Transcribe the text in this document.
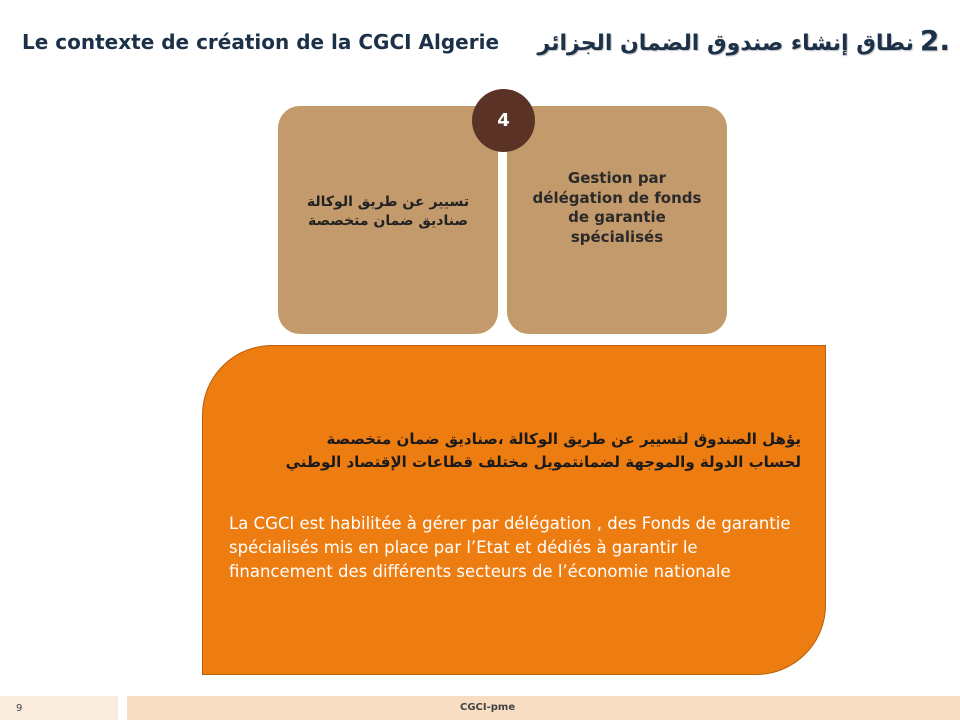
Le contexte de création de la CGCI Algerie	2.نطاق إنشاء صندوق الضمان الجزائر
تسيير عن طريق الوكالة
صناديق ضمان متخصصة
Gestion par délégation de fonds de garantie spécialisés
4
يؤهل الصندوق لتسيير عن طريق الوكالة ،صناديق ضمان متخصصة
لحساب الدولة والموجهة لضمانتمويل مختلف قطاعات الإقتصاد الوطني
La CGCI est habilitée à gérer par délégation , des Fonds de garantie spécialisés mis en place par l’Etat et dédiés à garantir le financement des différents secteurs de l’économie nationale
9	CGCI-pme
